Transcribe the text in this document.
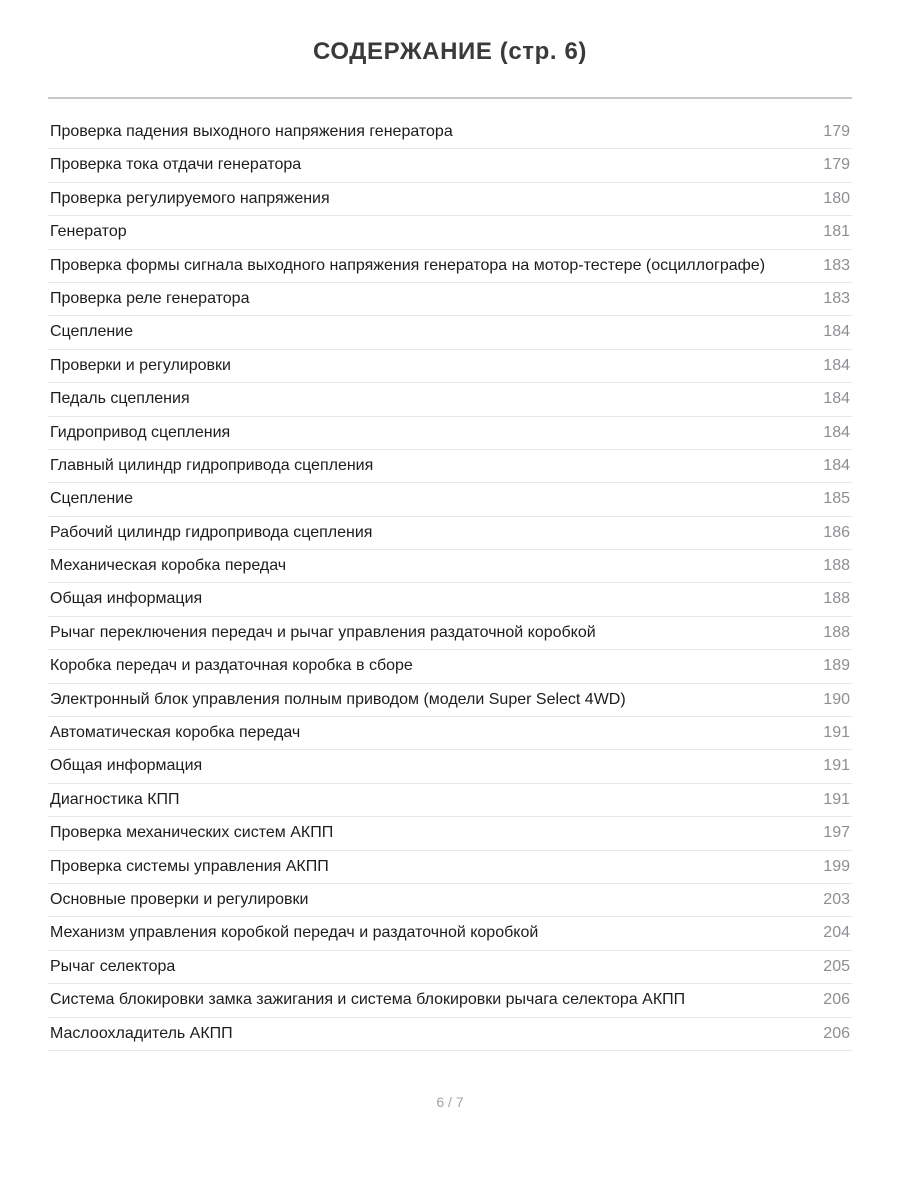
СОДЕРЖАНИЕ (стр. 6)
Проверка падения выходного напряжения генератора	179
Проверка тока отдачи генератора	179
Проверка регулируемого напряжения	180
Генератор	181
Проверка формы сигнала выходного напряжения генератора на мотор-тестере (осциллографе)	183
Проверка реле генератора	183
Сцепление	184
Проверки и регулировки	184
Педаль сцепления	184
Гидропривод сцепления	184
Главный цилиндр гидропривода сцепления	184
Сцепление	185
Рабочий цилиндр гидропривода сцепления	186
Механическая коробка передач	188
Общая информация	188
Рычаг переключения передач и рычаг управления раздаточной коробкой	188
Коробка передач и раздаточная коробка в сборе	189
Электронный блок управления полным приводом (модели Super Select 4WD)	190
Автоматическая коробка передач	191
Общая информация	191
Диагностика КПП	191
Проверка механических систем АКПП	197
Проверка системы управления АКПП	199
Основные проверки и регулировки	203
Механизм управления коробкой передач и раздаточной коробкой	204
Рычаг селектора	205
Система блокировки замка зажигания и система блокировки рычага селектора АКПП	206
Маслоохладитель АКПП	206
6 / 7
